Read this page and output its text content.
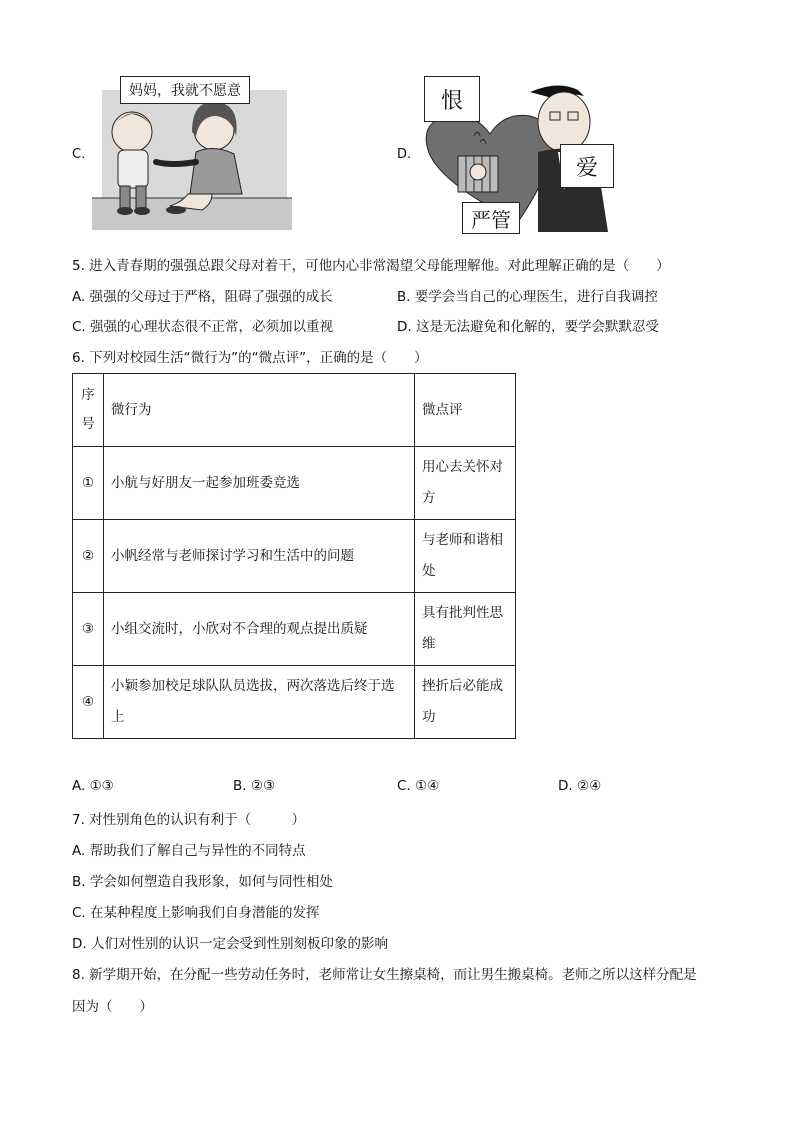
C.
妈妈，我就不愿意
D.
恨
爱
严管
5. 进入青春期的强强总跟父母对着干，可他内心非常渴望父母能理解他。对此理解正确的是（　　）
A. 强强的父母过于严格，阻碍了强强的成长	B. 要学会当自己的心理医生，进行自我调控
C. 强强的心理状态很不正常，必须加以重视	D. 这是无法避免和化解的，要学会默默忍受
6. 下列对校园生活“微行为”的“微点评”，正确的是（　　）
序号	微行为	微点评
①	小航与好朋友一起参加班委竞选	用心去关怀对方
②	小帆经常与老师探讨学习和生活中的问题	与老师和谐相处
③	小组交流时，小欣对不合理的观点提出质疑	具有批判性思维
④	小颖参加校足球队队员选拔，两次落选后终于选上	挫折后必能成功
A. ①③	B. ②③	C. ①④	D. ②④
7. 对性别角色的认识有利于（　　　）
A. 帮助我们了解自己与异性的不同特点
B. 学会如何塑造自我形象，如何与同性相处
C. 在某种程度上影响我们自身潜能的发挥
D. 人们对性别的认识一定会受到性别刻板印象的影响
8. 新学期开始，在分配一些劳动任务时，老师常让女生擦桌椅，而让男生搬桌椅。老师之所以这样分配是
因为（　　）
